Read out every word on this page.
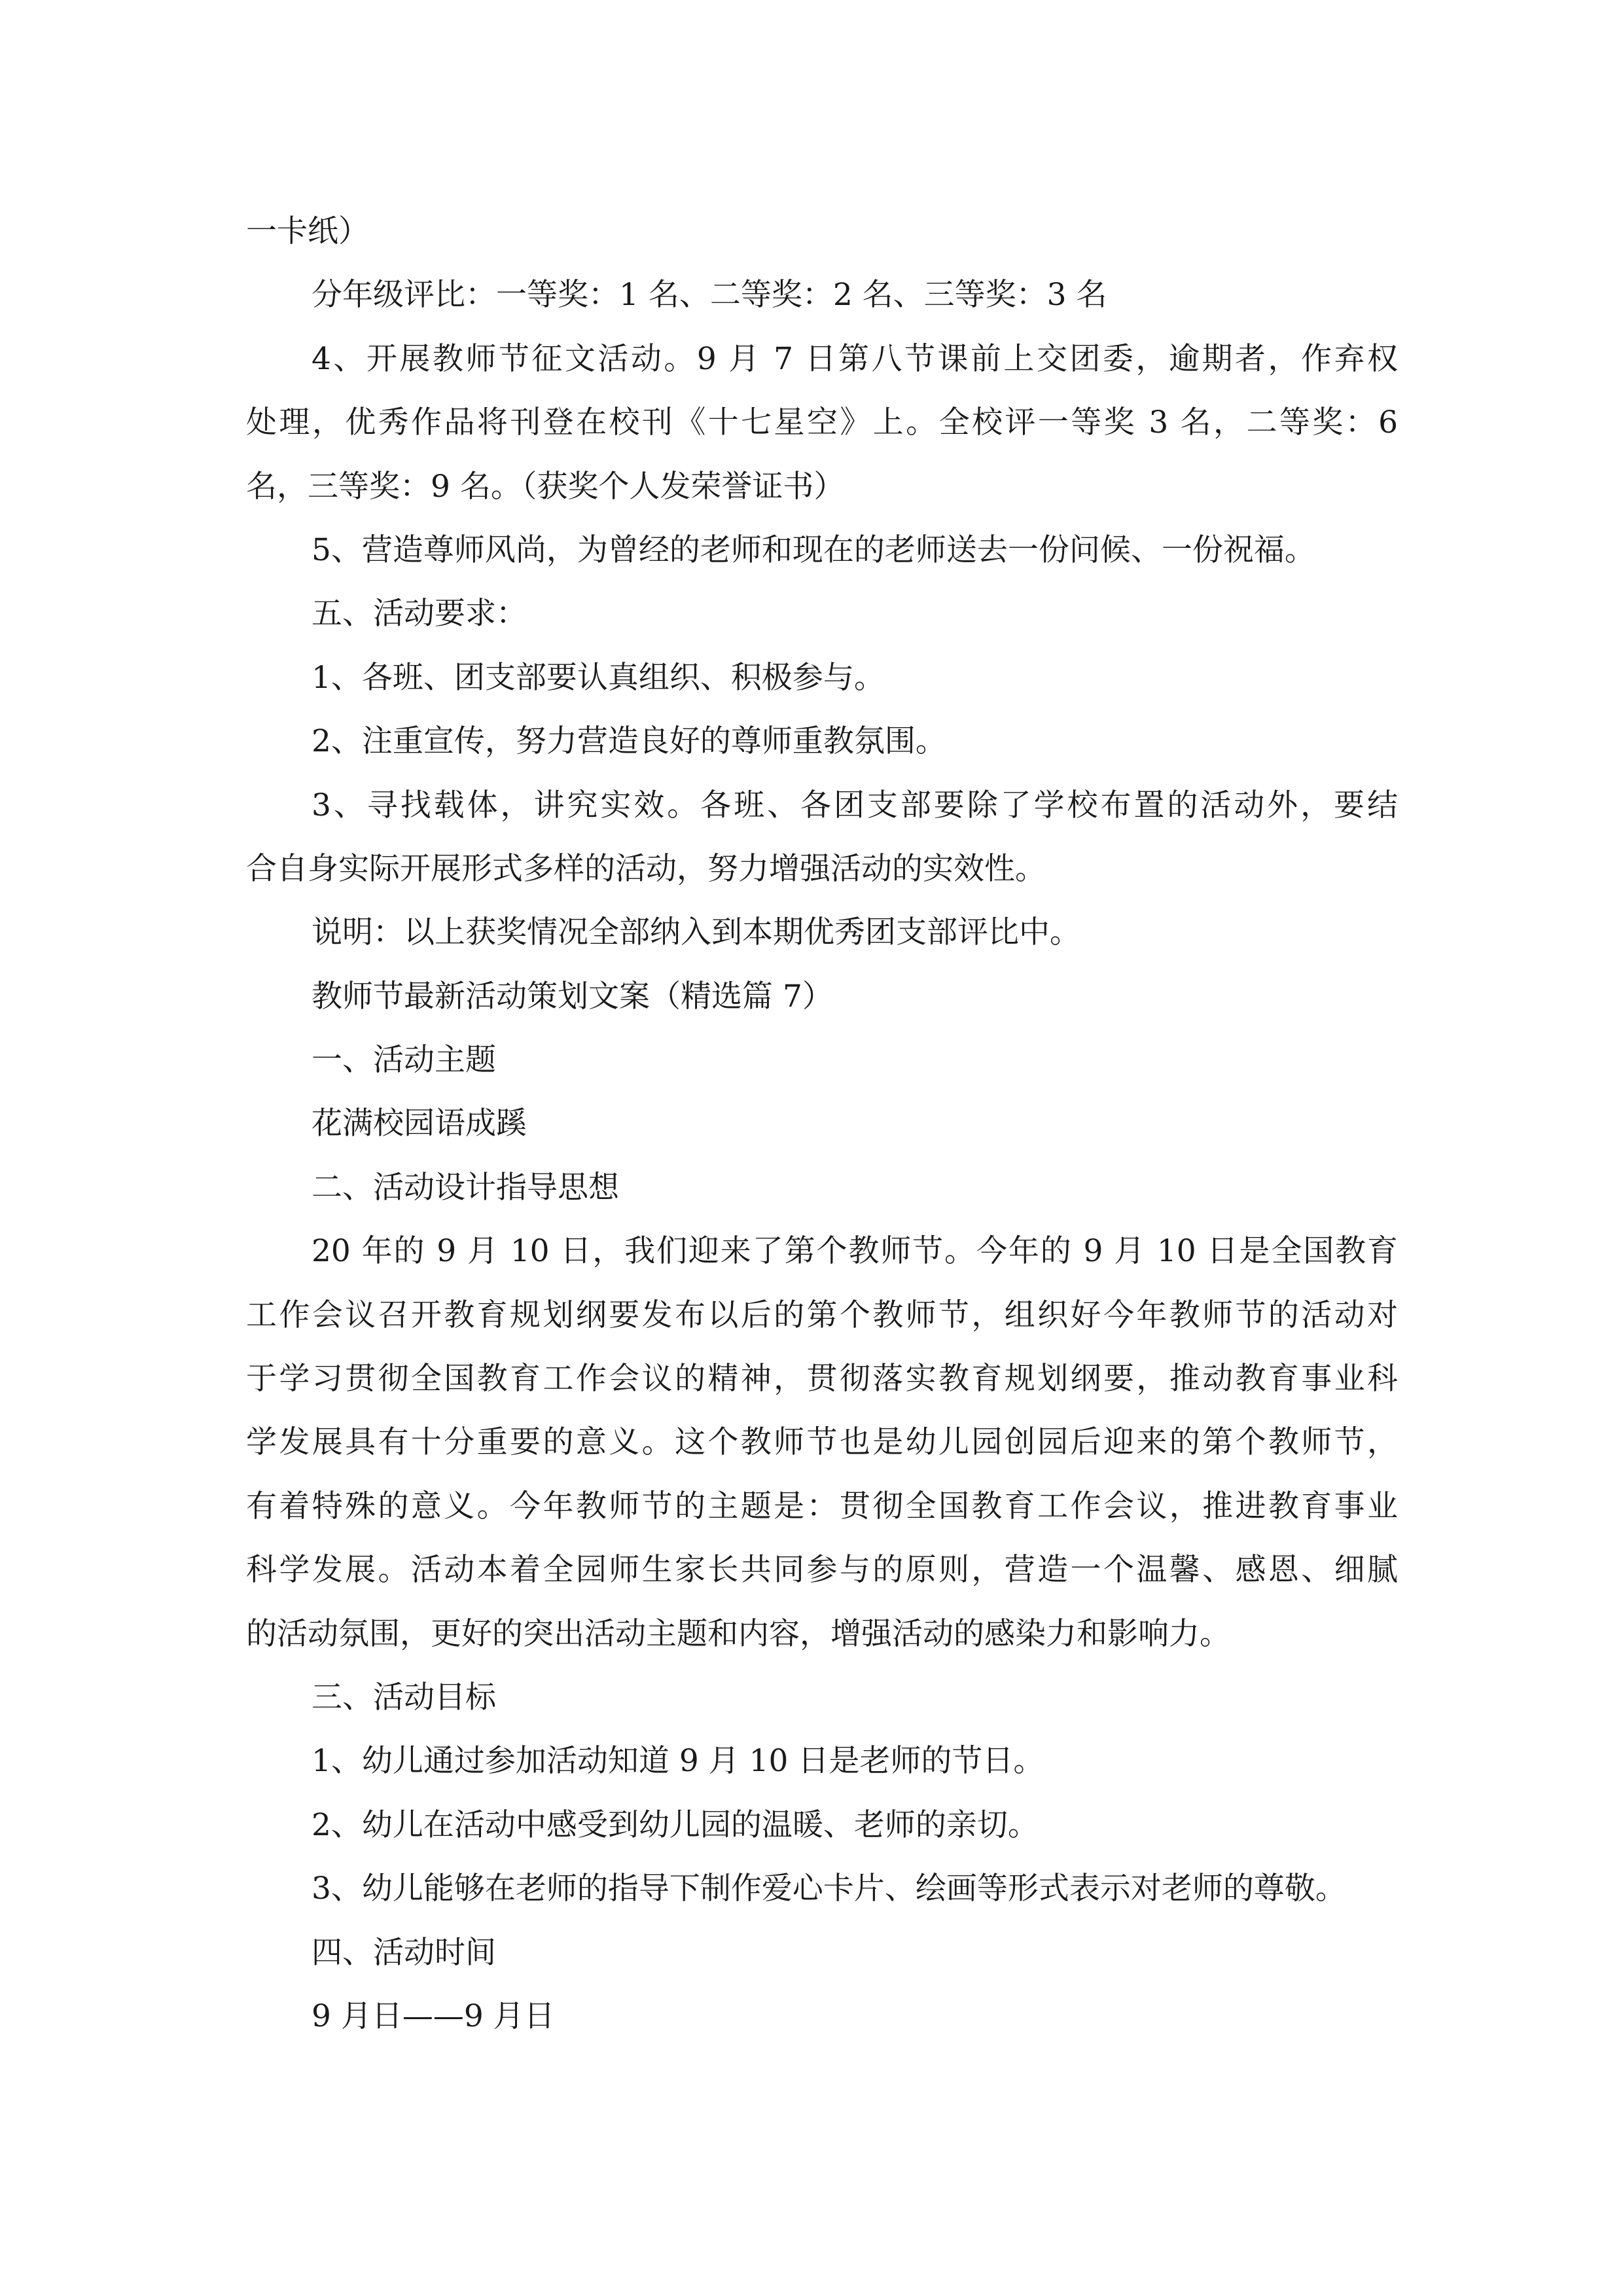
一卡纸）
分年级评比：一等奖：1 名、二等奖：2 名、三等奖：3 名
4、开展教师节征文活动。9 月 7 日第八节课前上交团委，逾期者，作弃权
处理，优秀作品将刊登在校刊《十七星空》上。全校评一等奖 3 名，二等奖：6
名，三等奖：9 名。（获奖个人发荣誉证书）
5、营造尊师风尚，为曾经的老师和现在的老师送去一份问候、一份祝福。
五、活动要求：
1、各班、团支部要认真组织、积极参与。
2、注重宣传，努力营造良好的尊师重教氛围。
3、寻找载体，讲究实效。各班、各团支部要除了学校布置的活动外，要结
合自身实际开展形式多样的活动，努力增强活动的实效性。
说明：以上获奖情况全部纳入到本期优秀团支部评比中。
教师节最新活动策划文案（精选篇 7）
一、活动主题
花满校园语成蹊
二、活动设计指导思想
20 年的 9 月 10 日，我们迎来了第个教师节。今年的 9 月 10 日是全国教育
工作会议召开教育规划纲要发布以后的第个教师节，组织好今年教师节的活动对
于学习贯彻全国教育工作会议的精神，贯彻落实教育规划纲要，推动教育事业科
学发展具有十分重要的意义。这个教师节也是幼儿园创园后迎来的第个教师节，
有着特殊的意义。今年教师节的主题是：贯彻全国教育工作会议，推进教育事业
科学发展。活动本着全园师生家长共同参与的原则，营造一个温馨、感恩、细腻
的活动氛围，更好的突出活动主题和内容，增强活动的感染力和影响力。
三、活动目标
1、幼儿通过参加活动知道 9 月 10 日是老师的节日。
2、幼儿在活动中感受到幼儿园的温暖、老师的亲切。
3、幼儿能够在老师的指导下制作爱心卡片、绘画等形式表示对老师的尊敬。
四、活动时间
9 月日——9 月日
